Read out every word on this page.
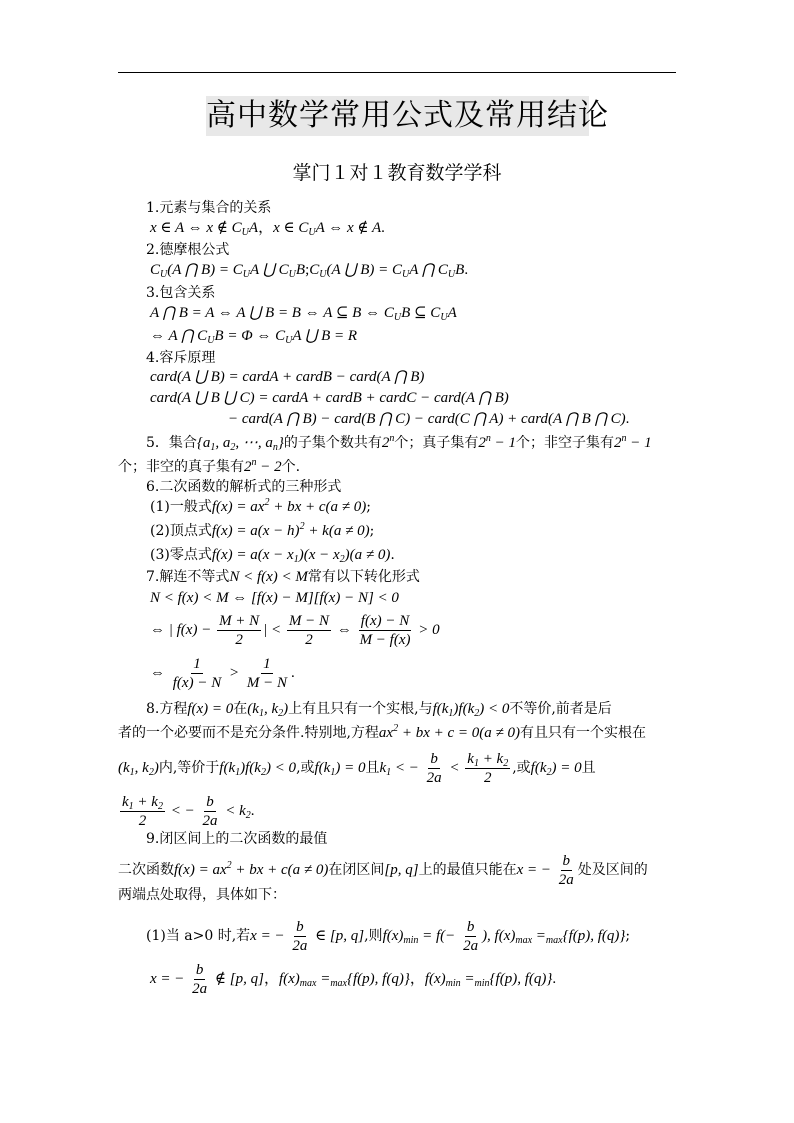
高中数学常用公式及常用结论
掌门１对１教育数学学科
1.元素与集合的关系
x ∈ A ⇔ x ∉ $C_UA$，x ∈ $C_UA$ ⇔ x ∉ A.
2.德摩根公式
$C_U(A$ ⋂ $B) = C_UA$ ⋃ $C_UB;C_U(A$ ⋃ $B) = C_UA$ ⋂ $C_UB$.
3.包含关系
A ⋂ B = A ⇔ A ⋃ B = B ⇔ A ⊆ B ⇔ $C_UB$ ⊆ $C_UA$
⇔ A ⋂ $C_UB = \Phi$ ⇔ $C_UA$ ⋃ B = R
4.容斥原理
card(A ⋃ B) = cardA + cardB − card(A ⋂ B)
card(A ⋃ B ⋃ C) = cardA + cardB + cardC − card(A ⋂ B)
− card(A ⋂ B) − card(B ⋂ C) − card(C ⋂ A) + card(A ⋂ B ⋂ C).
5．集合{$a_1$, $a_2$, ⋯, $a_n$}的子集个数共有2$^n$个；真子集有$2^n - 1$个；非空子集有$2^n - 1$
个；非空的真子集有$2^n - 2$个.
6.二次函数的解析式的三种形式
(1)一般式$f(x) = ax^2$ + bx + c(a ≠ 0);
(2)顶点式$f(x) = a(x - h)^2 + k(a \ne 0)$;
(3)零点式$f(x) = a(x - x_1)(x - x_2)(a \ne 0)$.
7.解连不等式N < f(x) < M常有以下转化形式
N < f(x) < M ⇔ [f(x) − M][f(x) − N] < 0
⇔ | $f(x) - \frac{M + N}{2}$ | < $\frac{M - N}{2}$ ⇔ $\frac{f(x) - N}{M - f(x)} > 0$
⇔ $\frac{1}{f(x) - N} > \frac{1}{M - N}$ .
8.方程f(x) = 0在($k_1$, $k_2$)上有且只有一个实根,与$f(k_1)f(k_2) < 0$不等价,前者是后
者的一个必要而不是充分条件.特别地,方程$ax^2$ + bx + c = 0(a ≠ 0)有且只有一个实根在
($k_1$, $k_2$)内,等价于$f(k_1)f(k_2) < 0$,或$f(k_1) = 0$且$k_1$ < − $\frac{b}{2a} < \frac{k_1 + k_2}{2}$ ,或$f(k_2) = 0$且
$\frac{k_1 + k_2}{2}$ < − $\frac{b}{2a} < k_2$.
9.闭区间上的二次函数的最值
二次函数$f(x) = ax^2$ + bx + c(a ≠ 0)在闭区间[p, q]上的最值只能在x = − $\frac{b}{2a}$ 处及区间的
两端点处取得，具体如下：
(1)当 a>0 时,若x = − $\frac{b}{2a}$ ∈ [p, q],则$f(x)_{min} = f(- \frac{b}{2a}$ ), $f(x)_{max} =_{max}\{f(p)$, f(q)};
x = − $\frac{b}{2a}$ ∉ [p, q]，$f(x)_{max} =_{max}\{f(p)$, f(q)}，$f(x)_{min} =_{min}\{f(p)$, f(q)}.
